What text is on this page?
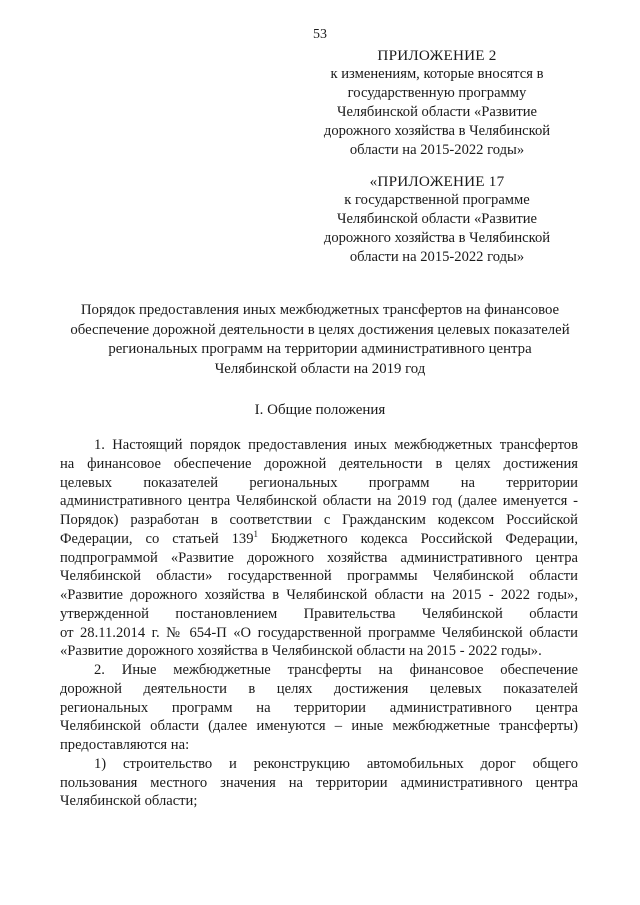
53
ПРИЛОЖЕНИЕ 2
к изменениям, которые вносятся в
государственную программу
Челябинской области «Развитие
дорожного хозяйства в Челябинской
области на 2015-2022 годы»
«ПРИЛОЖЕНИЕ 17
к государственной программе
Челябинской области «Развитие
дорожного хозяйства в Челябинской
области на 2015-2022 годы»
Порядок предоставления иных межбюджетных трансфертов на финансовое
обеспечение дорожной деятельности в целях достижения целевых показателей
региональных программ на территории административного центра
Челябинской области на 2019 год
I. Общие положения
1. Настоящий порядок предоставления иных межбюджетных трансфертов
на финансовое обеспечение дорожной деятельности в целях достижения
целевых показателей региональных программ на территории
административного центра Челябинской области на 2019 год (далее именуется -
Порядок) разработан в соответствии с Гражданским кодексом Российской
Федерации, со статьей $139^1$ Бюджетного кодекса Российской Федерации,
подпрограммой «Развитие дорожного хозяйства административного центра
Челябинской области» государственной программы Челябинской области
«Развитие дорожного хозяйства в Челябинской области на 2015 - 2022 годы»,
утвержденной постановлением Правительства Челябинской области
от 28.11.2014 г. № 654-П «О государственной программе Челябинской области
«Развитие дорожного хозяйства в Челябинской области на 2015 - 2022 годы».
2. Иные межбюджетные трансферты на финансовое обеспечение
дорожной деятельности в целях достижения целевых показателей
региональных программ на территории административного центра
Челябинской области (далее именуются – иные межбюджетные трансферты)
предоставляются на:
1) строительство и реконструкцию автомобильных дорог общего
пользования местного значения на территории административного центра
Челябинской области;
